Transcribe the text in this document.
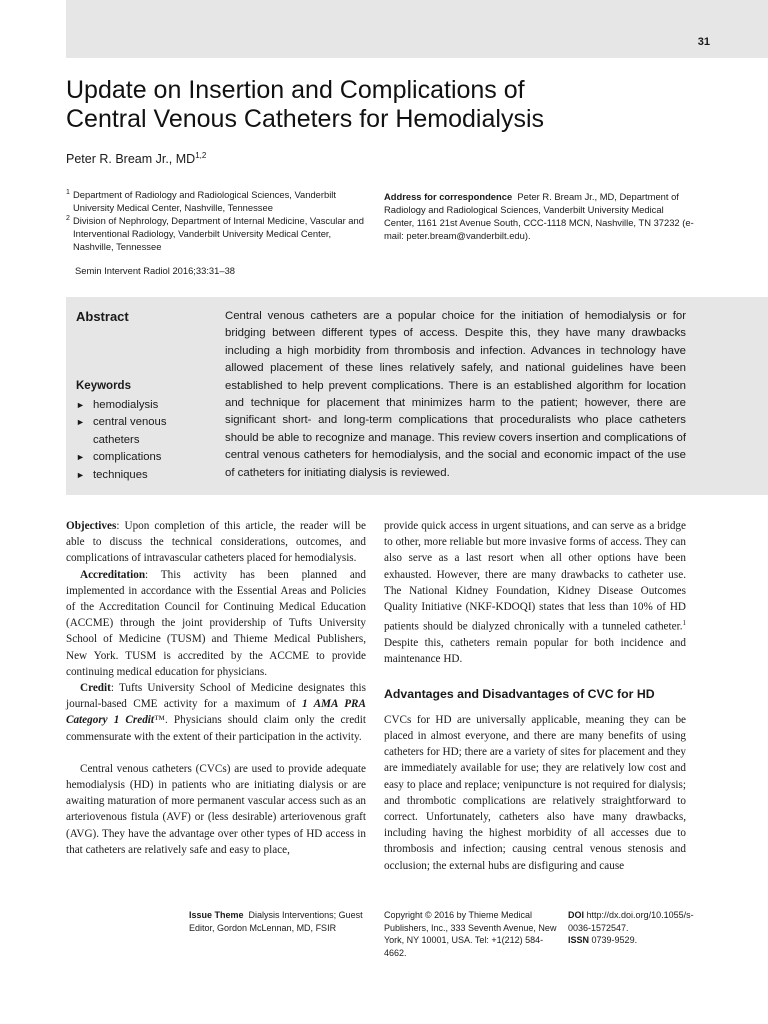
31
Update on Insertion and Complications of
Central Venous Catheters for Hemodialysis
Peter R. Bream Jr., MD$^{1,2}$
1 Department of Radiology and Radiological Sciences, Vanderbilt University Medical Center, Nashville, Tennessee
2 Division of Nephrology, Department of Internal Medicine, Vascular and Interventional Radiology, Vanderbilt University Medical Center, Nashville, Tennessee
Address for correspondence Peter R. Bream Jr., MD, Department of Radiology and Radiological Sciences, Vanderbilt University Medical Center, 1161 21st Avenue South, CCC-1118 MCN, Nashville, TN 37232 (e-mail: peter.bream@vanderbilt.edu).
Semin Intervent Radiol 2016;33:31–38
Abstract
Keywords
► hemodialysis
► central venous catheters
► complications
► techniques

Central venous catheters are a popular choice for the initiation of hemodialysis or for bridging between different types of access. Despite this, they have many drawbacks including a high morbidity from thrombosis and infection. Advances in technology have allowed placement of these lines relatively safely, and national guidelines have been established to help prevent complications. There is an established algorithm for location and technique for placement that minimizes harm to the patient; however, there are significant short- and long-term complications that proceduralists who place catheters should be able to recognize and manage. This review covers insertion and complications of central venous catheters for hemodialysis, and the social and economic impact of the use of catheters for initiating dialysis is reviewed.

Objectives: Upon completion of this article, the reader will be able to discuss the technical considerations, outcomes, and complications of intravascular catheters placed for hemodialysis.

Accreditation: This activity has been planned and implemented in accordance with the Essential Areas and Policies of the Accreditation Council for Continuing Medical Education (ACCME) through the joint providership of Tufts University School of Medicine (TUSM) and Thieme Medical Publishers, New York. TUSM is accredited by the ACCME to provide continuing medical education for physicians.

Credit: Tufts University School of Medicine designates this journal-based CME activity for a maximum of 1 AMA PRA Category 1 Credit™. Physicians should claim only the credit commensurate with the extent of their participation in the activity.

Central venous catheters (CVCs) are used to provide adequate hemodialysis (HD) in patients who are initiating dialysis or are awaiting maturation of more permanent vascular access such as an arteriovenous fistula (AVF) or (less desirable) arteriovenous graft (AVG). They have the advantage over other types of HD access in that catheters are relatively safe and easy to place,

provide quick access in urgent situations, and can serve as a bridge to other, more reliable but more invasive forms of access. They can also serve as a last resort when all other options have been exhausted. However, there are many drawbacks to catheter use. The National Kidney Foundation, Kidney Disease Outcomes Quality Initiative (NKF-KDOQI) states that less than 10% of HD patients should be dialyzed chronically with a tunneled catheter.$^1$ Despite this, catheters remain popular for both incidence and maintenance HD.

Advantages and Disadvantages of CVC for HD

CVCs for HD are universally applicable, meaning they can be placed in almost everyone, and there are many benefits of using catheters for HD; there are a variety of sites for placement and they are immediately available for use; they are relatively low cost and easy to place and replace; venipuncture is not required for dialysis; and thrombotic complications are relatively straightforward to correct. Unfortunately, catheters also have many drawbacks, including having the highest morbidity of all accesses due to thrombosis and infection; causing central venous stenosis and occlusion; the external hubs are disfiguring and cause

Issue Theme Dialysis Interventions; Guest Editor, Gordon McLennan, MD, FSIR
Copyright © 2016 by Thieme Medical Publishers, Inc., 333 Seventh Avenue, New York, NY 10001, USA. Tel: +1(212) 584-4662.
DOI http://dx.doi.org/10.1055/s-0036-1572547.
ISSN 0739-9529.
